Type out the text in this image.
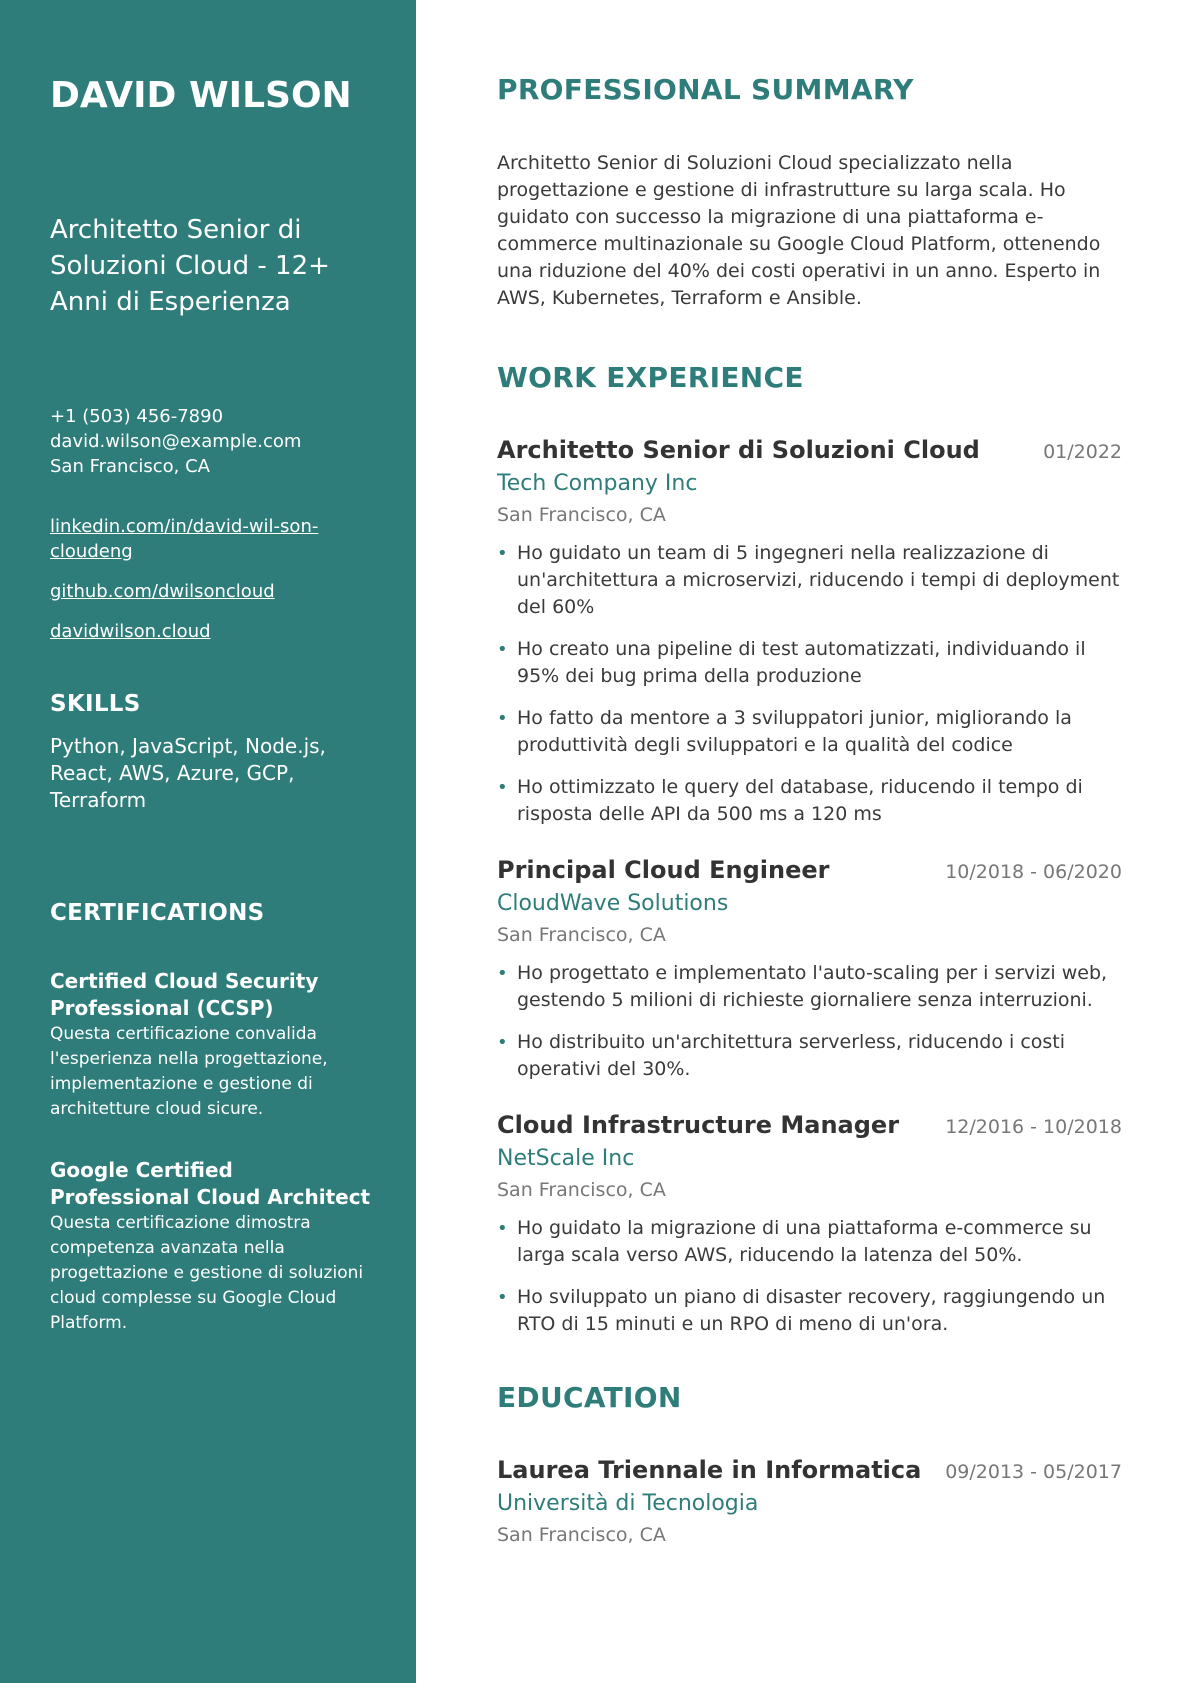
DAVID WILSON
Architetto Senior di Soluzioni Cloud - 12+ Anni di Esperienza
+1 (503) 456-7890
david.wilson@example.com
San Francisco, CA
linkedin.com/in/david-wil-son-cloudeng
github.com/dwilsoncloud
davidwilson.cloud
SKILLS
Python, JavaScript, Node.js, React, AWS, Azure, GCP, Terraform
CERTIFICATIONS
Certified Cloud Security Professional (CCSP)
Questa certificazione convalida l'esperienza nella progettazione, implementazione e gestione di architetture cloud sicure.
Google Certified Professional Cloud Architect
Questa certificazione dimostra competenza avanzata nella progettazione e gestione di soluzioni cloud complesse su Google Cloud Platform.
PROFESSIONAL SUMMARY

Architetto Senior di Soluzioni Cloud specializzato nella progettazione e gestione di infrastrutture su larga scala. Ho guidato con successo la migrazione di una piattaforma e-commerce multinazionale su Google Cloud Platform, ottenendo una riduzione del 40% dei costi operativi in un anno. Esperto in AWS, Kubernetes, Terraform e Ansible.

WORK EXPERIENCE
Architetto Senior di Soluzioni Cloud	01/2022
Tech Company Inc
San Francisco, CA
• Ho guidato un team di 5 ingegneri nella realizzazione di un'architettura a microservizi, riducendo i tempi di deployment del 60%
• Ho creato una pipeline di test automatizzati, individuando il 95% dei bug prima della produzione
• Ho fatto da mentore a 3 sviluppatori junior, migliorando la produttività degli sviluppatori e la qualità del codice
• Ho ottimizzato le query del database, riducendo il tempo di risposta delle API da 500 ms a 120 ms
Principal Cloud Engineer	10/2018 - 06/2020
CloudWave Solutions
San Francisco, CA
• Ho progettato e implementato l'auto-scaling per i servizi web, gestendo 5 milioni di richieste giornaliere senza interruzioni.
• Ho distribuito un'architettura serverless, riducendo i costi operativi del 30%.
Cloud Infrastructure Manager 12/2016 - 10/2018
NetScale Inc
San Francisco, CA
• Ho guidato la migrazione di una piattaforma e-commerce su larga scala verso AWS, riducendo la latenza del 50%.
• Ho sviluppato un piano di disaster recovery, raggiungendo un RTO di 15 minuti e un RPO di meno di un'ora.
EDUCATION
Laurea Triennale in Informatica 09/2013 - 05/2017
Università di Tecnologia
San Francisco, CA
